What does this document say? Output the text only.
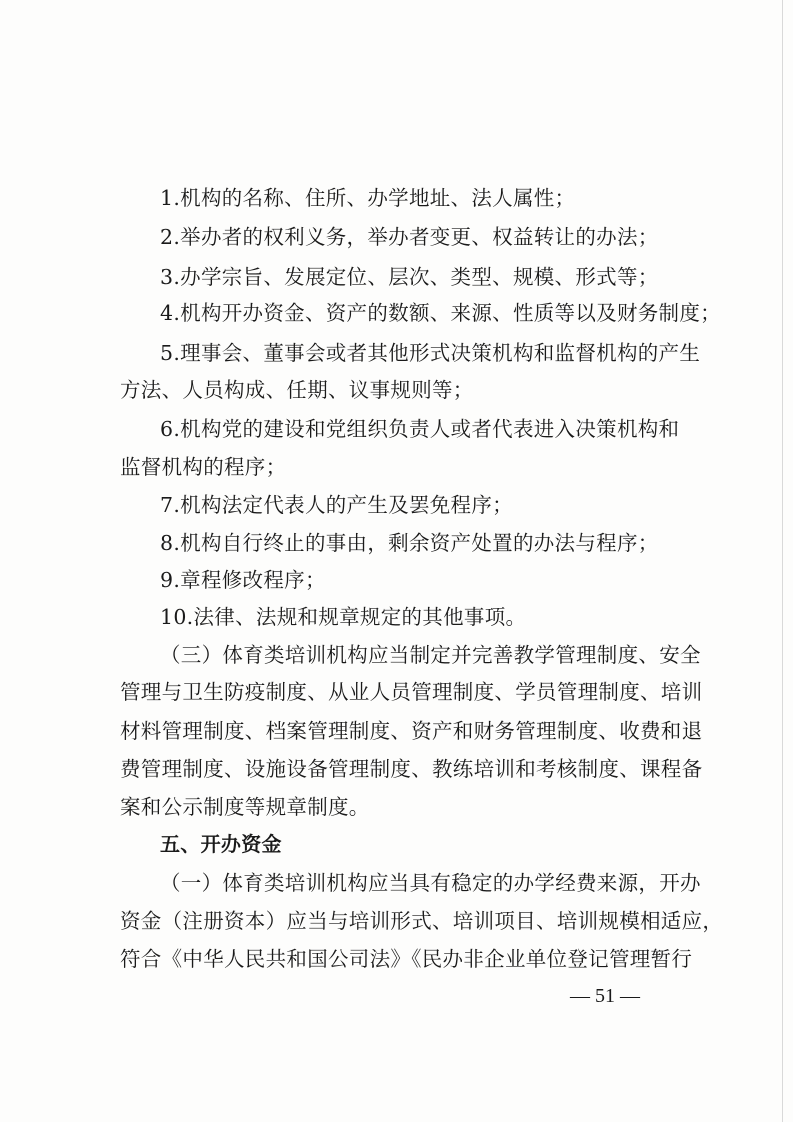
1.机构的名称、住所、办学地址、法人属性；
2.举办者的权利义务，举办者变更、权益转让的办法；
3.办学宗旨、发展定位、层次、类型、规模、形式等；
4.机构开办资金、资产的数额、来源、性质等以及财务制度；
5.理事会、董事会或者其他形式决策机构和监督机构的产生
方法、人员构成、任期、议事规则等；
6.机构党的建设和党组织负责人或者代表进入决策机构和
监督机构的程序；
7.机构法定代表人的产生及罢免程序；
8.机构自行终止的事由，剩余资产处置的办法与程序；
9.章程修改程序；
10.法律、法规和规章规定的其他事项。
（三）体育类培训机构应当制定并完善教学管理制度、安全
管理与卫生防疫制度、从业人员管理制度、学员管理制度、培训
材料管理制度、档案管理制度、资产和财务管理制度、收费和退
费管理制度、设施设备管理制度、教练培训和考核制度、课程备
案和公示制度等规章制度。
五、开办资金
（一）体育类培训机构应当具有稳定的办学经费来源，开办
资金（注册资本）应当与培训形式、培训项目、培训规模相适应，
符合《中华人民共和国公司法》《民办非企业单位登记管理暂行
— 51 —
